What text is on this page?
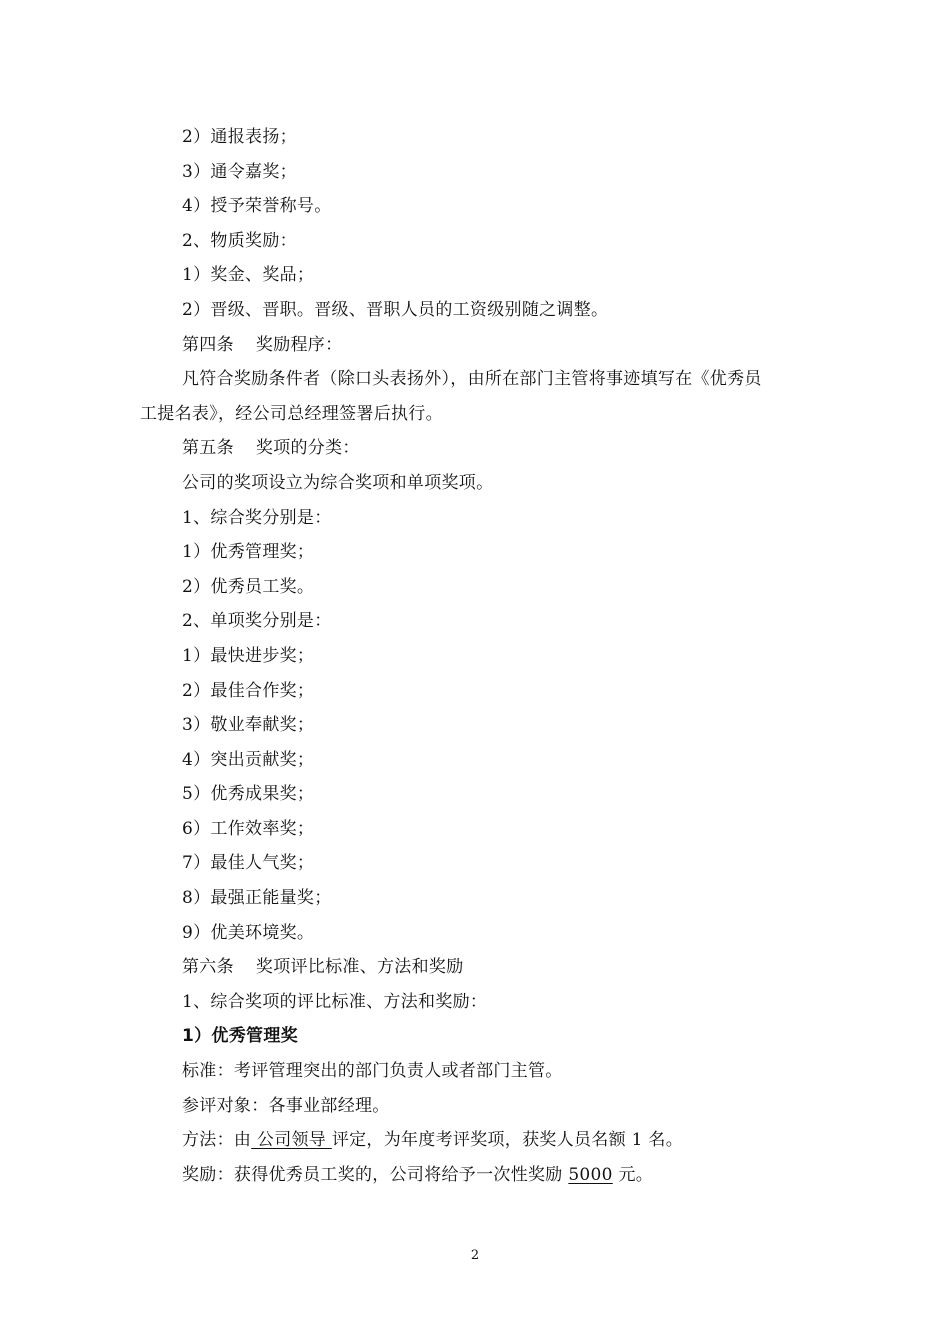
2）通报表扬；
3）通令嘉奖；
4）授予荣誉称号。
2、物质奖励：
1）奖金、奖品；
2）晋级、晋职。晋级、晋职人员的工资级别随之调整。
第四条 奖励程序：
凡符合奖励条件者（除口头表扬外），由所在部门主管将事迹填写在《优秀员
工提名表》，经公司总经理签署后执行。
第五条 奖项的分类：
公司的奖项设立为综合奖项和单项奖项。
1、综合奖分别是：
1）优秀管理奖；
2）优秀员工奖。
2、单项奖分别是：
1）最快进步奖；
2）最佳合作奖；
3）敬业奉献奖；
4）突出贡献奖；
5）优秀成果奖；
6）工作效率奖；
7）最佳人气奖；
8）最强正能量奖；
9）优美环境奖。
第六条 奖项评比标准、方法和奖励
1、综合奖项的评比标准、方法和奖励：
1）优秀管理奖
标准：考评管理突出的部门负责人或者部门主管。
参评对象：各事业部经理。
方法：由 公司领导 评定，为年度考评奖项，获奖人员名额 1 名。
奖励：获得优秀员工奖的，公司将给予一次性奖励 5000 元。
2
